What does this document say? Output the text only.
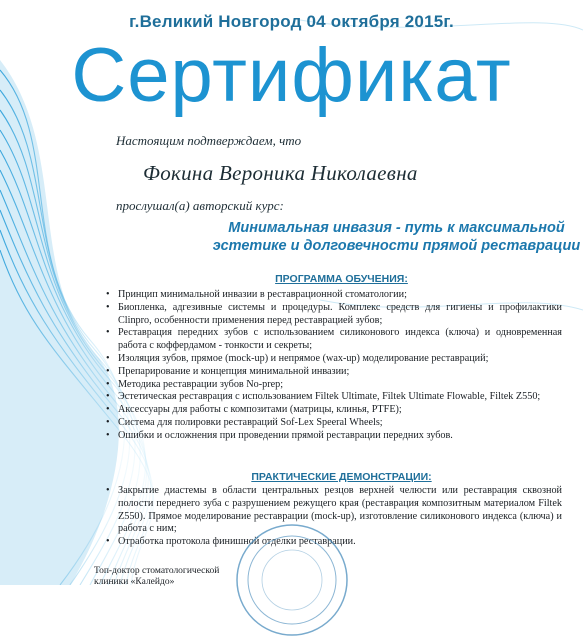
г.Великий Новгород 04 октября 2015г.
Сертификат
Настоящим подтверждаем, что
Фокина Вероника Николаевна
прослушал(а) авторский курс:
Минимальная инвазия - путь к максимальной
эстетике и долговечности прямой реставрации
ПРОГРАММА ОБУЧЕНИЯ:
• Принцип минимальной инвазии в реставрационной стоматологии;
• Биопленка, адгезивные системы и процедуры. Комплекс средств для гигиены и профилактики Clinpro, особенности применения перед реставрацией зубов;
• Реставрация передних зубов с использованием силиконового индекса (ключа) и одновременная работа с коффердамом - тонкости и секреты;
• Изоляция зубов, прямое (mock-up) и непрямое (wax-up) моделирование реставраций;
• Препарирование и концепция минимальной инвазии;
• Методика реставрации зубов No-prep;
• Эстетическая реставрация с использованием Filtek Ultimate, Filtek Ultimate Flowable, Filtek Z550;
• Аксессуары для работы с композитами (матрицы, клинья, PTFE);
• Система для полировки реставраций Sof-Lex Speeral Wheels;
• Ошибки и осложнения при проведении прямой реставрации передних зубов.
ПРАКТИЧЕСКИЕ ДЕМОНСТРАЦИИ:
• Закрытие диастемы в области центральных резцов верхней челюсти или реставрация сквозной полости переднего зуба с разрушением режущего края (реставрация композитным материалом Filtek Z550). Прямое моделирование реставрации (mock-up), изготовление силиконового индекса (ключа) и работа с ним;
• Отработка протокола финишной отделки реставрации.
Топ-доктор стоматологической
клиники «Калейдо»
